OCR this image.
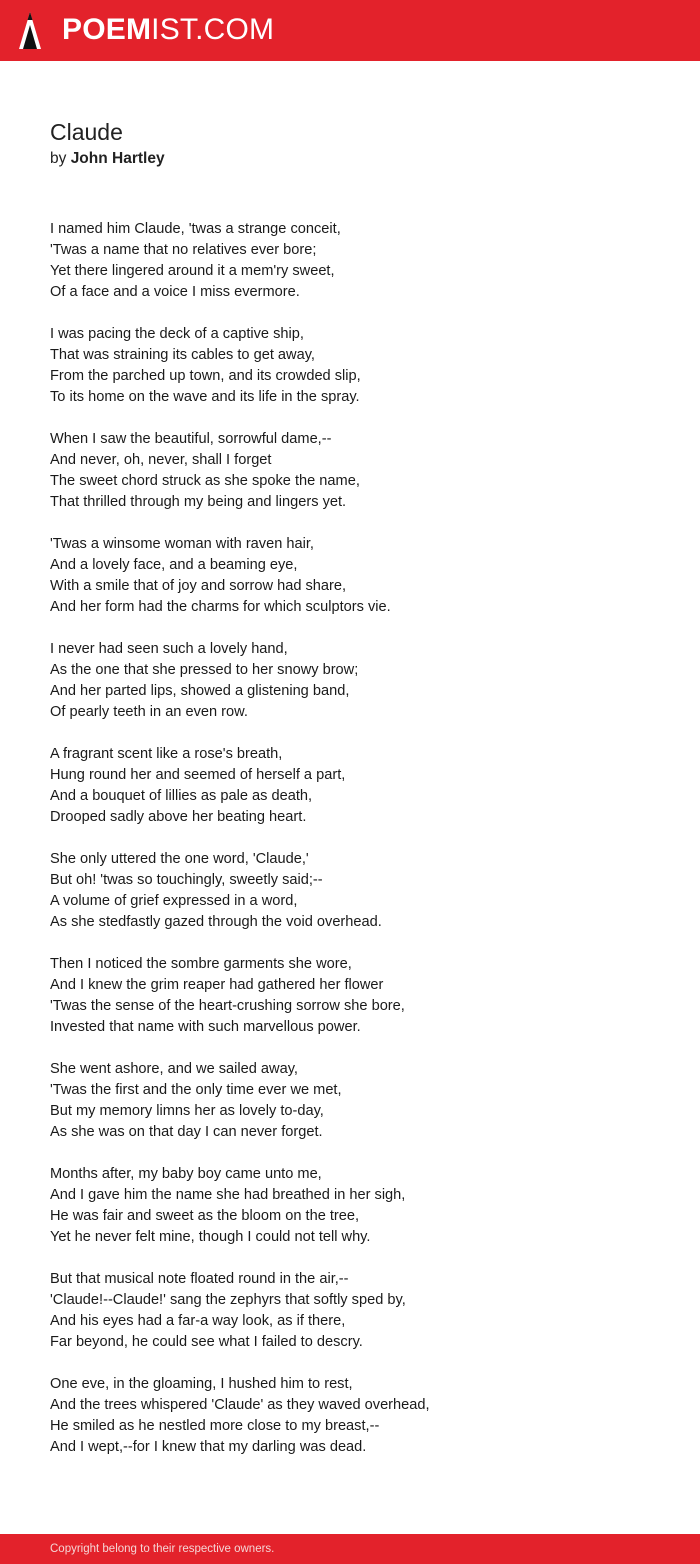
POEMIST.COM
Claude
by John Hartley
I named him Claude, 'twas a strange conceit,
'Twas a name that no relatives ever bore;
Yet there lingered around it a mem'ry sweet,
Of a face and a voice I miss evermore.
I was pacing the deck of a captive ship,
That was straining its cables to get away,
From the parched up town, and its crowded slip,
To its home on the wave and its life in the spray.
When I saw the beautiful, sorrowful dame,--
And never, oh, never, shall I forget
The sweet chord struck as she spoke the name,
That thrilled through my being and lingers yet.
'Twas a winsome woman with raven hair,
And a lovely face, and a beaming eye,
With a smile that of joy and sorrow had share,
And her form had the charms for which sculptors vie.
I never had seen such a lovely hand,
As the one that she pressed to her snowy brow;
And her parted lips, showed a glistening band,
Of pearly teeth in an even row.
A fragrant scent like a rose's breath,
Hung round her and seemed of herself a part,
And a bouquet of lillies as pale as death,
Drooped sadly above her beating heart.
She only uttered the one word, 'Claude,'
But oh! 'twas so touchingly, sweetly said;--
A volume of grief expressed in a word,
As she stedfastly gazed through the void overhead.
Then I noticed the sombre garments she wore,
And I knew the grim reaper had gathered her flower
'Twas the sense of the heart-crushing sorrow she bore,
Invested that name with such marvellous power.
She went ashore, and we sailed away,
'Twas the first and the only time ever we met,
But my memory limns her as lovely to-day,
As she was on that day I can never forget.
Months after, my baby boy came unto me,
And I gave him the name she had breathed in her sigh,
He was fair and sweet as the bloom on the tree,
Yet he never felt mine, though I could not tell why.
But that musical note floated round in the air,--
'Claude!--Claude!' sang the zephyrs that softly sped by,
And his eyes had a far-a way look, as if there,
Far beyond, he could see what I failed to descry.
One eve, in the gloaming, I hushed him to rest,
And the trees whispered 'Claude' as they waved overhead,
He smiled as he nestled more close to my breast,--
And I wept,--for I knew that my darling was dead.
Copyright belong to their respective owners.
